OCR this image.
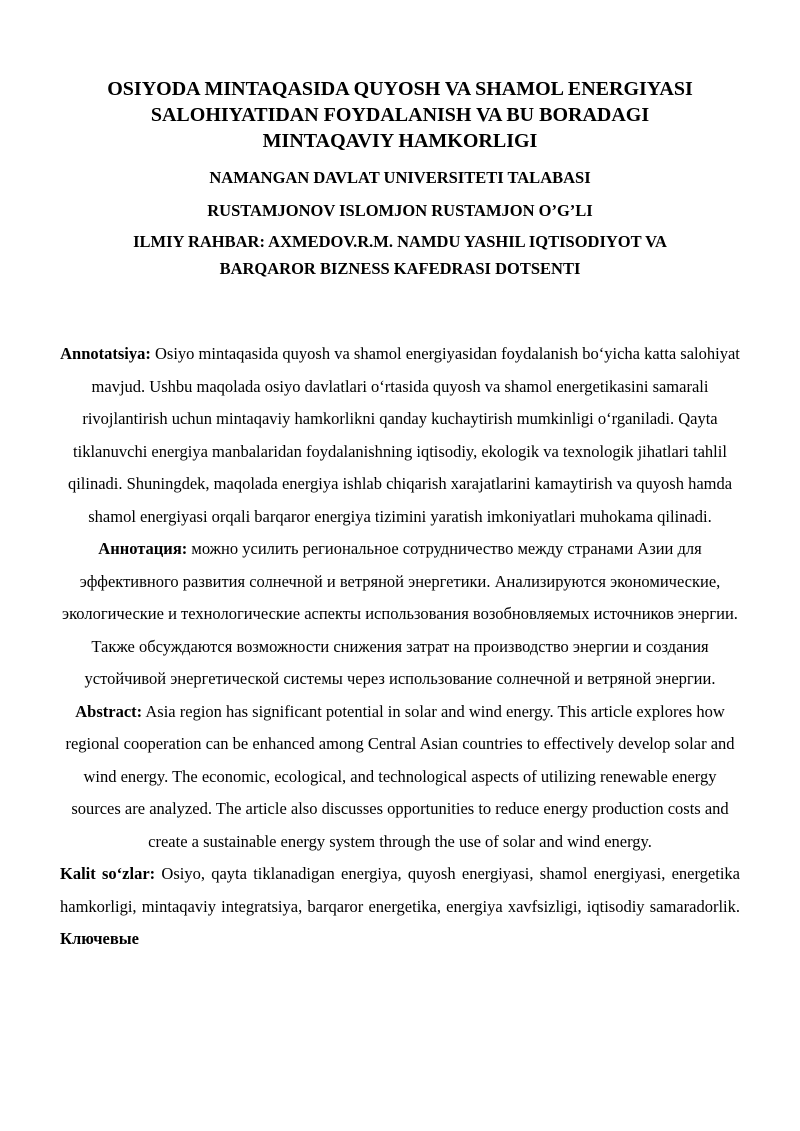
OSIYODA MINTAQASIDA QUYOSH VA SHAMOL ENERGIYASI
SALOHIYATIDAN FOYDALANISH VA BU BORADAGI
MINTAQAVIY HAMKORLIGI

NAMANGAN DAVLAT UNIVERSITETI TALABASI

RUSTAMJONOV ISLOMJON RUSTAMJON O’G’LI

ILMIY RAHBAR: AXMEDOV.R.M. NAMDU YASHIL IQTISODIYOT VA
BARQAROR BIZNESS KAFEDRASI DOTSENTI

Annotatsiya: Osiyo mintaqasida quyosh va shamol energiyasidan foydalanish bo‘yicha katta salohiyat mavjud. Ushbu maqolada osiyo davlatlari o‘rtasida quyosh va shamol energetikasini samarali rivojlantirish uchun mintaqaviy hamkorlikni qanday kuchaytirish mumkinligi o‘rganiladi. Qayta tiklanuvchi energiya manbalaridan foydalanishning iqtisodiy, ekologik va texnologik jihatlari tahlil qilinadi. Shuningdek, maqolada energiya ishlab chiqarish xarajatlarini kamaytirish va quyosh hamda shamol energiyasi orqali barqaror energiya tizimini yaratish imkoniyatlari muhokama qilinadi.

Аннотация: можно усилить региональное сотрудничество между странами Азии для эффективного развития солнечной и ветряной энергетики. Анализируются экономические, экологические и технологические аспекты использования возобновляемых источников энергии. Также обсуждаются возможности снижения затрат на производство энергии и создания устойчивой энергетической системы через использование солнечной и ветряной энергии.

Abstract: Asia region has significant potential in solar and wind energy. This article explores how regional cooperation can be enhanced among Central Asian countries to effectively develop solar and wind energy. The economic, ecological, and technological aspects of utilizing renewable energy sources are analyzed. The article also discusses opportunities to reduce energy production costs and create a sustainable energy system through the use of solar and wind energy.

Kalit so‘zlar: Osiyo, qayta tiklanadigan energiya, quyosh energiyasi, shamol energiyasi, energetika hamkorligi, mintaqaviy integratsiya, barqaror energetika, energiya xavfsizligi, iqtisodiy samaradorlik. Ключевые
